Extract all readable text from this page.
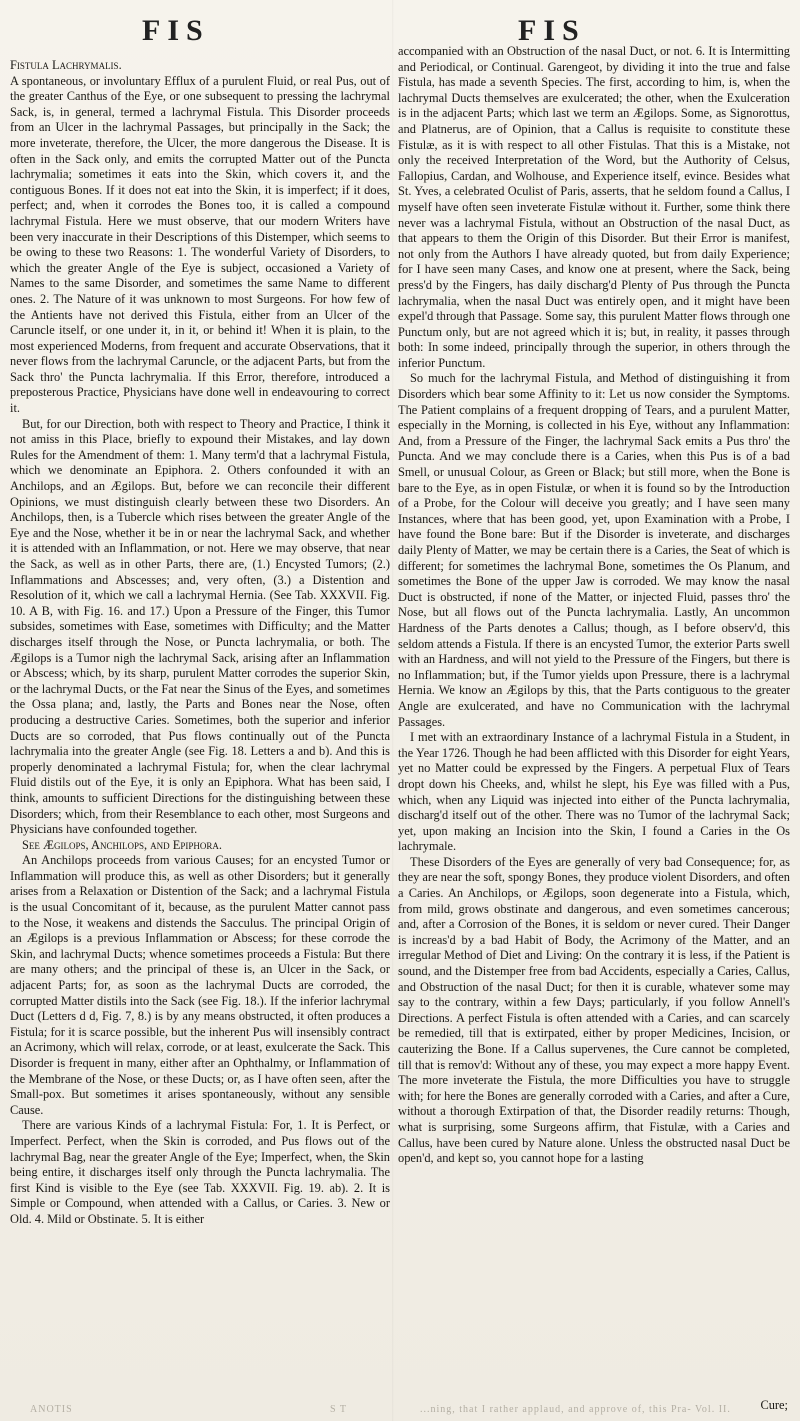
FIS	FIS

Fistula Lachrymalis.

A spontaneous, or involuntary Efflux of a purulent Fluid, or real Pus, out of the greater Canthus of the Eye, or one subsequent to pressing the lachrymal Sack, is, in general, termed a lachrymal Fistula. This Disorder proceeds from an Ulcer in the lachrymal Passages, but principally in the Sack; the more inveterate, therefore, the Ulcer, the more dangerous the Disease. It is often in the Sack only, and emits the corrupted Matter out of the Puncta lachrymalia; sometimes it eats into the Skin, which covers it, and the contiguous Bones. If it does not eat into the Skin, it is imperfect; if it does, perfect; and, when it corrodes the Bones too, it is called a compound lachrymal Fistula. Here we must observe, that our modern Writers have been very inaccurate in their Descriptions of this Distemper, which seems to be owing to these two Reasons: 1. The wonderful Variety of Disorders, to which the greater Angle of the Eye is subject, occasioned a Variety of Names to the same Disorder, and sometimes the same Name to different ones. 2. The Nature of it was unknown to most Surgeons. For how few of the Antients have not derived this Fistula, either from an Ulcer of the Caruncle itself, or one under it, in it, or behind it! When it is plain, to the most experienced Moderns, from frequent and accurate Observations, that it never flows from the lachrymal Caruncle, or the adjacent Parts, but from the Sack thro' the Puncta lachrymalia. If this Error, therefore, introduced a preposterous Practice, Physicians have done well in endeavouring to correct it.

But, for our Direction, both with respect to Theory and Practice, I think it not amiss in this Place, briefly to expound their Mistakes, and lay down Rules for the Amendment of them: 1. Many term'd that a lachrymal Fistula, which we denominate an Epiphora. 2. Others confounded it with an Anchilops, and an Ægilops. But, before we can reconcile their different Opinions, we must distinguish clearly between these two Disorders. An Anchilops, then, is a Tubercle which rises between the greater Angle of the Eye and the Nose, whether it be in or near the lachrymal Sack, and whether it is attended with an Inflammation, or not. Here we may observe, that near the Sack, as well as in other Parts, there are, (1.) Encysted Tumors; (2.) Inflammations and Abscesses; and, very often, (3.) a Distention and Resolution of it, which we call a lachrymal Hernia. (See Tab. XXXVII. Fig. 10. A B, with Fig. 16. and 17.) Upon a Pressure of the Finger, this Tumor subsides, sometimes with Ease, sometimes with Difficulty; and the Matter discharges itself through the Nose, or Puncta lachrymalia, or both. The Ægilops is a Tumor nigh the lachrymal Sack, arising after an Inflammation or Abscess; which, by its sharp, purulent Matter corrodes the superior Skin, or the lachrymal Ducts, or the Fat near the Sinus of the Eyes, and sometimes the Ossa plana; and, lastly, the Parts and Bones near the Nose, often producing a destructive Caries. Sometimes, both the superior and inferior Ducts are so corroded, that Pus flows continually out of the Puncta lachrymalia into the greater Angle (see Fig. 18. Letters a and b). And this is properly denominated a lachrymal Fistula; for, when the clear lachrymal Fluid distils out of the Eye, it is only an Epiphora. What has been said, I think, amounts to sufficient Directions for the distinguishing between these Disorders; which, from their Resemblance to each other, most Surgeons and Physicians have confounded together.

See Ægilops, Anchilops, and Epiphora.

An Anchilops proceeds from various Causes; for an encysted Tumor or Inflammation will produce this, as well as other Disorders; but it generally arises from a Relaxation or Distention of the Sack; and a lachrymal Fistula is the usual Concomitant of it, because, as the purulent Matter cannot pass to the Nose, it weakens and distends the Sacculus. The principal Origin of an Ægilops is a previous Inflammation or Abscess; for these corrode the Skin, and lachrymal Ducts; whence sometimes proceeds a Fistula: But there are many others; and the principal of these is, an Ulcer in the Sack, or adjacent Parts; for, as soon as the lachrymal Ducts are corroded, the corrupted Matter distils into the Sack (see Fig. 18.). If the inferior lachrymal Duct (Letters d d, Fig. 7, 8.) is by any means obstructed, it often produces a Fistula; for it is scarce possible, but the inherent Pus will insensibly contract an Acrimony, which will relax, corrode, or at least, exulcerate the Sack. This Disorder is frequent in many, either after an Ophthalmy, or Inflammation of the Membrane of the Nose, or these Ducts; or, as I have often seen, after the Small-pox. But sometimes it arises spontaneously, without any sensible Cause.

There are various Kinds of a lachrymal Fistula: For, 1. It is Perfect, or Imperfect. Perfect, when the Skin is corroded, and Pus flows out of the lachrymal Bag, near the greater Angle of the Eye; Imperfect, when, the Skin being entire, it discharges itself only through the Puncta lachrymalia. The first Kind is visible to the Eye (see Tab. XXXVII. Fig. 19. ab). 2. It is Simple or Compound, when attended with a Callus, or Caries. 3. New or Old. 4. Mild or Obstinate. 5. It is either

accompanied with an Obstruction of the nasal Duct, or not. 6. It is Intermitting and Periodical, or Continual. Garengeot, by dividing it into the true and false Fistula, has made a seventh Species. The first, according to him, is, when the lachrymal Ducts themselves are exulcerated; the other, when the Exulceration is in the adjacent Parts; which last we term an Ægilops. Some, as Signorottus, and Platnerus, are of Opinion, that a Callus is requisite to constitute these Fistulæ, as it is with respect to all other Fistulas. That this is a Mistake, not only the received Interpretation of the Word, but the Authority of Celsus, Fallopius, Cardan, and Wolhouse, and Experience itself, evince. Besides what St. Yves, a celebrated Oculist of Paris, asserts, that he seldom found a Callus, I myself have often seen inveterate Fistulæ without it. Further, some think there never was a lachrymal Fistula, without an Obstruction of the nasal Duct, as that appears to them the Origin of this Disorder. But their Error is manifest, not only from the Authors I have already quoted, but from daily Experience; for I have seen many Cases, and know one at present, where the Sack, being press'd by the Fingers, has daily discharg'd Plenty of Pus through the Puncta lachrymalia, when the nasal Duct was entirely open, and it might have been expel'd through that Passage. Some say, this purulent Matter flows through one Punctum only, but are not agreed which it is; but, in reality, it passes through both: In some indeed, principally through the superior, in others through the inferior Punctum.

So much for the lachrymal Fistula, and Method of distinguishing it from Disorders which bear some Affinity to it: Let us now consider the Symptoms. The Patient complains of a frequent dropping of Tears, and a purulent Matter, especially in the Morning, is collected in his Eye, without any Inflammation: And, from a Pressure of the Finger, the lachrymal Sack emits a Pus thro' the Puncta. And we may conclude there is a Caries, when this Pus is of a bad Smell, or unusual Colour, as Green or Black; but still more, when the Bone is bare to the Eye, as in open Fistulæ, or when it is found so by the Introduction of a Probe, for the Colour will deceive you greatly; and I have seen many Instances, where that has been good, yet, upon Examination with a Probe, I have found the Bone bare: But if the Disorder is inveterate, and discharges daily Plenty of Matter, we may be certain there is a Caries, the Seat of which is different; for sometimes the lachrymal Bone, sometimes the Os Planum, and sometimes the Bone of the upper Jaw is corroded. We may know the nasal Duct is obstructed, if none of the Matter, or injected Fluid, passes thro' the Nose, but all flows out of the Puncta lachrymalia. Lastly, An uncommon Hardness of the Parts denotes a Callus; though, as I before observ'd, this seldom attends a Fistula. If there is an encysted Tumor, the exterior Parts swell with an Hardness, and will not yield to the Pressure of the Fingers, but there is no Inflammation; but, if the Tumor yields upon Pressure, there is a lachrymal Hernia. We know an Ægilops by this, that the Parts contiguous to the greater Angle are exulcerated, and have no Communication with the lachrymal Passages.

I met with an extraordinary Instance of a lachrymal Fistula in a Student, in the Year 1726. Though he had been afflicted with this Disorder for eight Years, yet no Matter could be expressed by the Fingers. A perpetual Flux of Tears dropt down his Cheeks, and, whilst he slept, his Eye was filled with a Pus, which, when any Liquid was injected into either of the Puncta lachrymalia, discharg'd itself out of the other. There was no Tumor of the lachrymal Sack; yet, upon making an Incision into the Skin, I found a Caries in the Os lachrymale.

These Disorders of the Eyes are generally of very bad Consequence; for, as they are near the soft, spongy Bones, they produce violent Disorders, and often a Caries. An Anchilops, or Ægilops, soon degenerate into a Fistula, which, from mild, grows obstinate and dangerous, and even sometimes cancerous; and, after a Corrosion of the Bones, it is seldom or never cured. Their Danger is increas'd by a bad Habit of Body, the Acrimony of the Matter, and an irregular Method of Diet and Living: On the contrary it is less, if the Patient is sound, and the Distemper free from bad Accidents, especially a Caries, Callus, and Obstruction of the nasal Duct; for then it is curable, whatever some may say to the contrary, within a few Days; particularly, if you follow Annell's Directions. A perfect Fistula is often attended with a Caries, and can scarcely be remedied, till that is extirpated, either by proper Medicines, Incision, or cauterizing the Bone. If a Callus supervenes, the Cure cannot be completed, till that is remov'd: Without any of these, you may expect a more happy Event. The more inveterate the Fistula, the more Difficulties you have to struggle with; for here the Bones are generally corroded with a Caries, and after a Cure, without a thorough Extirpation of that, the Disorder readily returns: Though, what is surprising, some Surgeons affirm, that Fistulæ, with a Caries and Callus, have been cured by Nature alone. Unless the obstructed nasal Duct be open'd, and kept so, you cannot hope for a lasting

Cure;
ANOTIS	S T	...ning, that I rather applaud, and approve of, this Pra- Vol. II.
